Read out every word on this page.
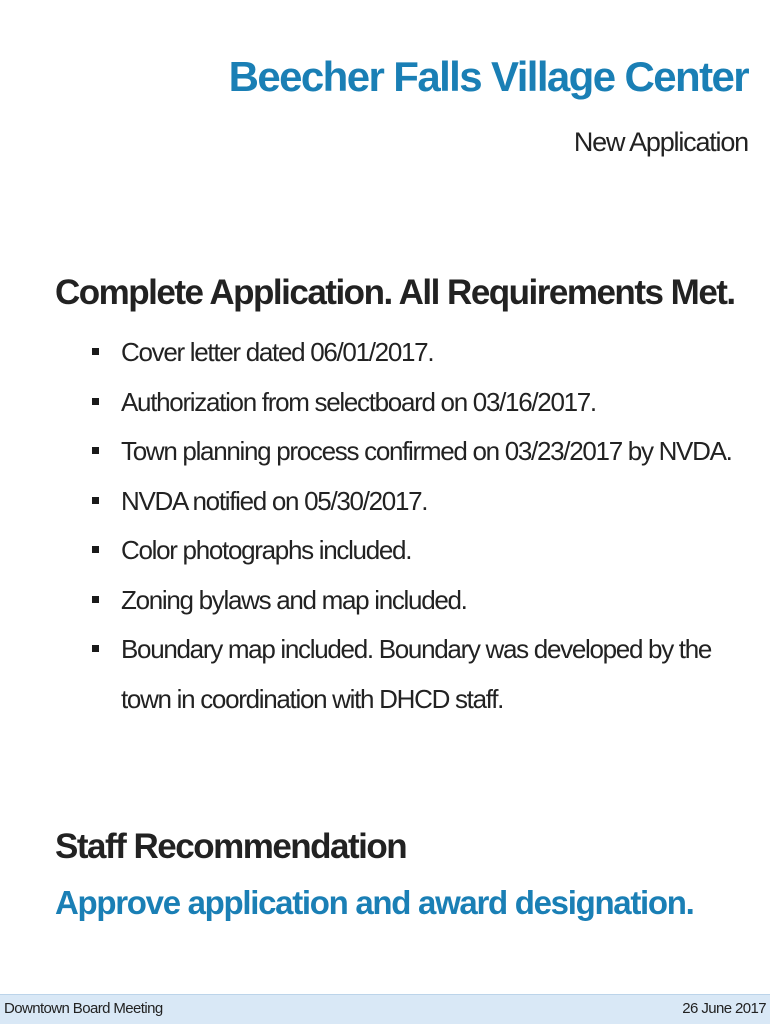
Beecher Falls Village Center
New Application
Complete Application. All Requirements Met.
Cover letter dated 06/01/2017.
Authorization from selectboard on 03/16/2017.
Town planning process confirmed on 03/23/2017 by NVDA.
NVDA notified on 05/30/2017.
Color photographs included.
Zoning bylaws and map included.
Boundary map included. Boundary was developed by the town in coordination with DHCD staff.
Staff Recommendation
Approve application and award designation.
Downtown Board Meeting	26 June 2017
